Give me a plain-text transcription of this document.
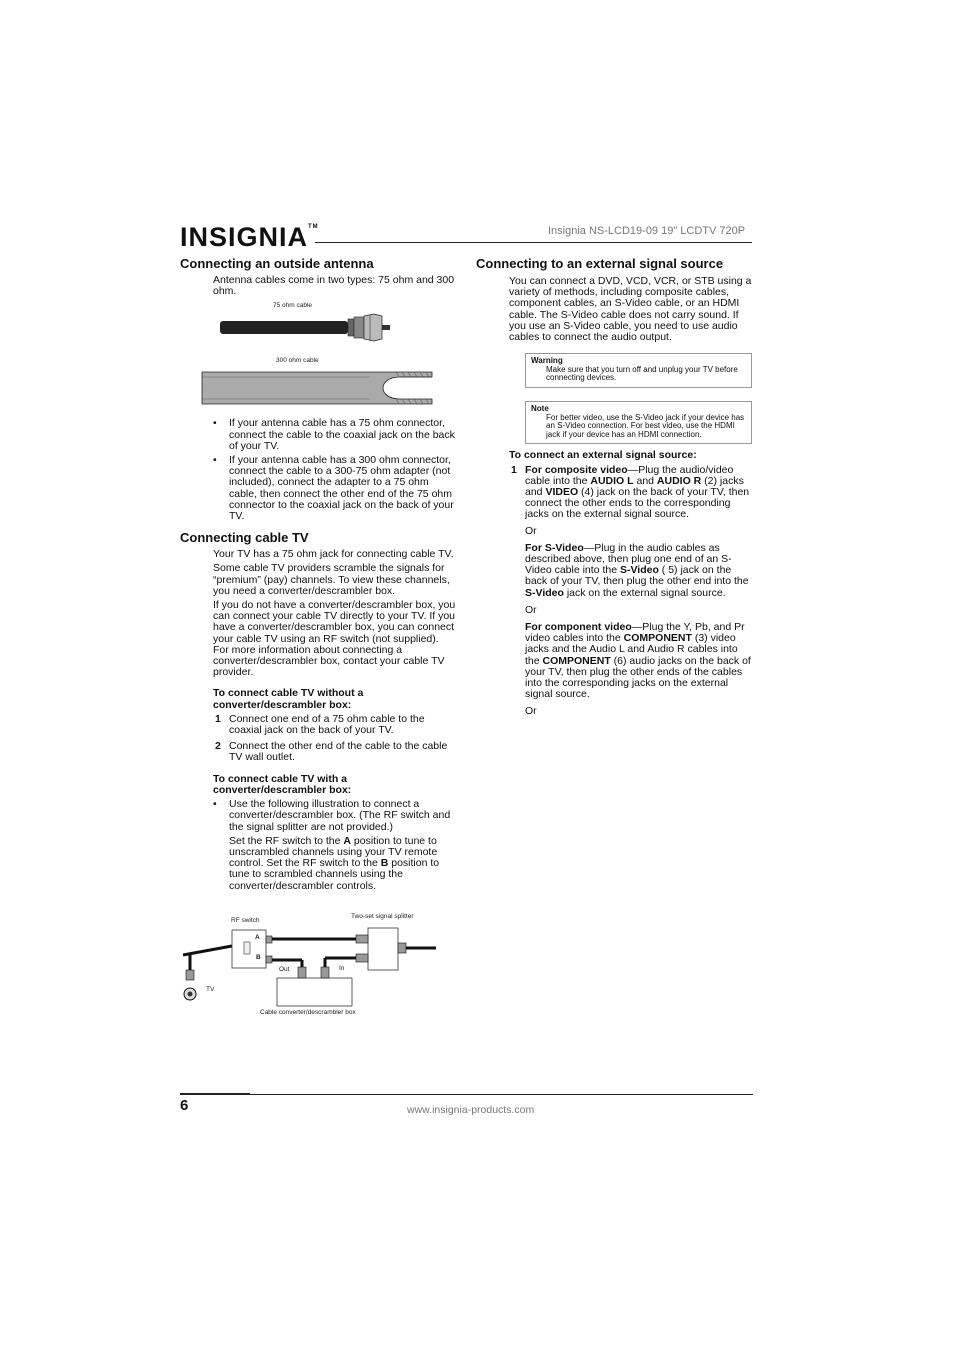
INSIGNIA™	Insignia NS-LCD19-09 19" LCDTV 720P
Connecting an outside antenna

Antenna cables come in two types: 75 ohm and 300 ohm.

75 ohm cable
300 ohm cable
• If your antenna cable has a 75 ohm connector, connect the cable to the coaxial jack on the back of your TV.
• If your antenna cable has a 300 ohm connector, connect the cable to a 300-75 ohm adapter (not included), connect the adapter to a 75 ohm cable, then connect the other end of the 75 ohm connector to the coaxial jack on the back of your TV.
Connecting cable TV

Your TV has a 75 ohm jack for connecting cable TV.

Some cable TV providers scramble the signals for “premium” (pay) channels. To view these channels, you need a converter/descrambler box.

If you do not have a converter/descrambler box, you can connect your cable TV directly to your TV. If you have a converter/descrambler box, you can connect your cable TV using an RF switch (not supplied). For more information about connecting a converter/descrambler box, contact your cable TV provider.

To connect cable TV without a converter/descrambler box:
1 Connect one end of a 75 ohm cable to the coaxial jack on the back of your TV.
2 Connect the other end of the cable to the cable TV wall outlet.
To connect cable TV with a converter/descrambler box:
• Use the following illustration to connect a converter/descrambler box. (The RF switch and the signal splitter are not provided.)

Set the RF switch to the A position to tune to unscrambled channels using your TV remote control. Set the RF switch to the B position to tune to scrambled channels using the converter/descrambler controls.

RF switch
Two-set signal splitter
A
B
Out	In
TV
Cable converter/descrambler box
Connecting to an external signal source

You can connect a DVD, VCD, VCR, or STB using a variety of methods, including composite cables, component cables, an S-Video cable, or an HDMI cable. The S-Video cable does not carry sound. If you use an S-Video cable, you need to use audio cables to connect the audio output.

Warning
Make sure that you turn off and unplug your TV before connecting devices.
Note
For better video, use the S-Video jack if your device has an S-Video connection. For best video, use the HDMI jack if your device has an HDMI connection.
To connect an external signal source:
1 For composite video—Plug the audio/video cable into the AUDIO L and AUDIO R (2) jacks and VIDEO (4) jack on the back of your TV, then connect the other ends to the corresponding jacks on the external signal source.

Or

For S-Video—Plug in the audio cables as described above, then plug one end of an S-Video cable into the S-Video ( 5) jack on the back of your TV, then plug the other end into the S-Video jack on the external signal source.

Or

For component video—Plug the Y, Pb, and Pr video cables into the COMPONENT (3) video jacks and the Audio L and Audio R cables into the COMPONENT (6) audio jacks on the back of your TV, then plug the other ends of the cables into the corresponding jacks on the external signal source.

Or

6	www.insignia-products.com
